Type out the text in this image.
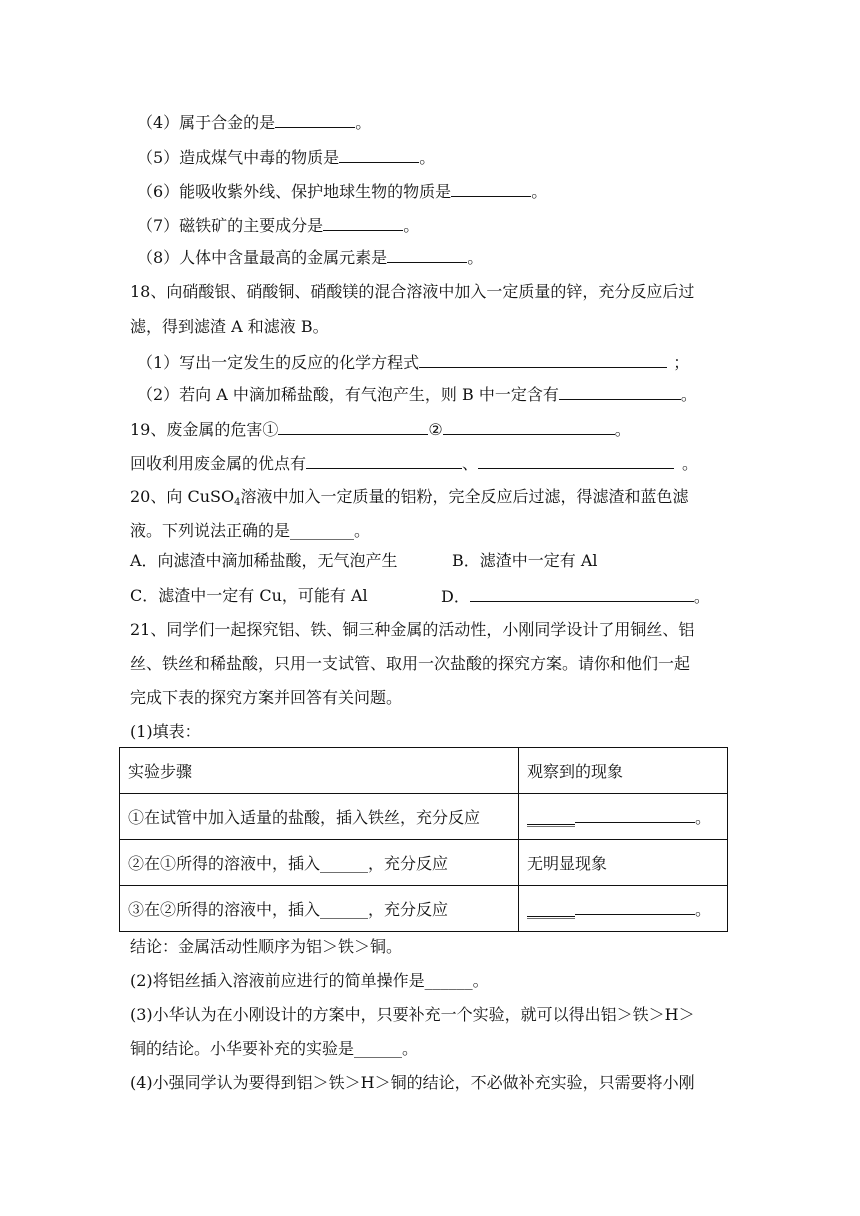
（4）属于合金的是	。
（5）造成煤气中毒的物质是	。
（6）能吸收紫外线、保护地球生物的物质是	。
（7）磁铁矿的主要成分是	。
（8）人体中含量最高的金属元素是	。
18、向硝酸银、硝酸铜、硝酸镁的混合溶液中加入一定质量的锌，充分反应后过
滤，得到滤渣 A 和滤液 B。
（1）写出一定发生的反应的化学方程式	；
（2）若向 A 中滴加稀盐酸，有气泡产生，则 B 中一定含有	。
19、废金属的危害①	②	。
回收利用废金属的优点有	、	。
20、向 CuSO$_4$溶液中加入一定质量的铝粉，完全反应后过滤，得滤渣和蓝色滤
液。下列说法正确的是________。
A．向滤渣中滴加稀盐酸，无气泡产生	B．滤渣中一定有 Al
C．滤渣中一定有 Cu，可能有 Al	D．	。
21、同学们一起探究铝、铁、铜三种金属的活动性，小刚同学设计了用铜丝、铝
丝、铁丝和稀盐酸，只用一支试管、取用一次盐酸的探究方案。请你和他们一起
完成下表的探究方案并回答有关问题。
(1)填表：
实验步骤	观察到的现象
①在试管中加入适量的盐酸，插入铁丝，充分反应	______ 。
②在①所得的溶液中，插入______，充分反应	无明显现象
③在②所得的溶液中，插入______，充分反应	______ 。
结论：金属活动性顺序为铝＞铁＞铜。
(2)将铝丝插入溶液前应进行的简单操作是______。
(3)小华认为在小刚设计的方案中，只要补充一个实验，就可以得出铝＞铁＞H＞
铜的结论。小华要补充的实验是______。
(4)小强同学认为要得到铝＞铁＞H＞铜的结论，不必做补充实验，只需要将小刚
